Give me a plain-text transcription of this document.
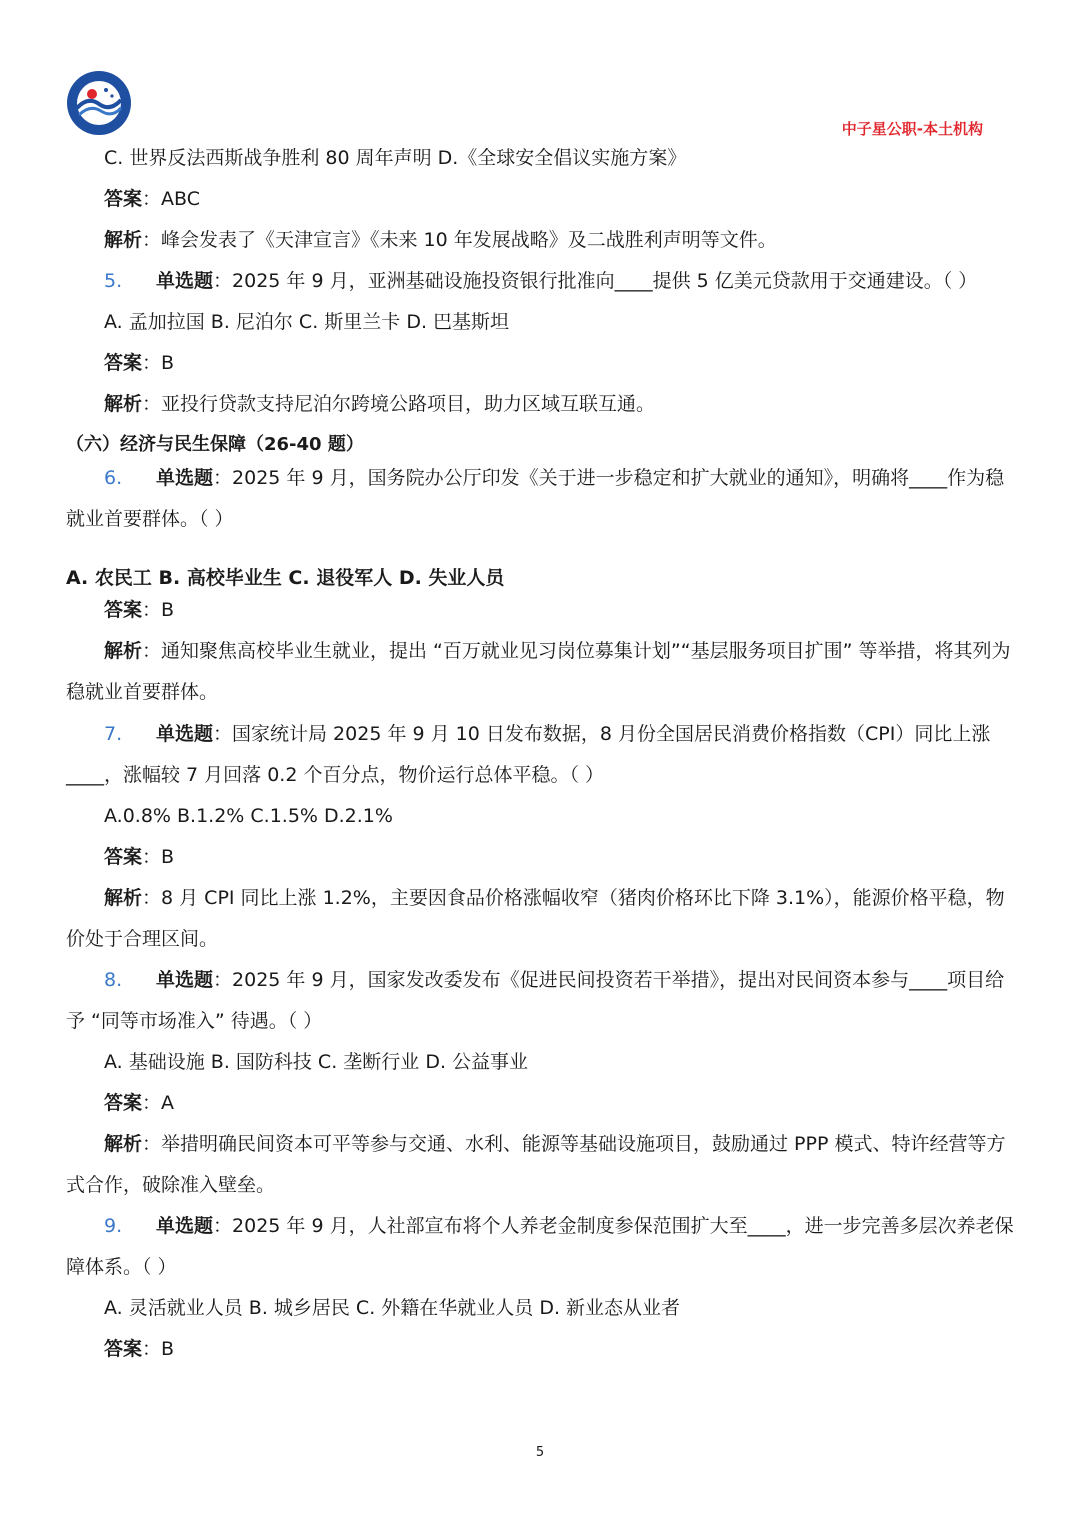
中子星公职-本土机构
C. 世界反法西斯战争胜利 80 周年声明 D.《全球安全倡议实施方案》
答案：ABC
解析：峰会发表了《天津宣言》《未来 10 年发展战略》及二战胜利声明等文件。
5. 单选题：2025 年 9 月，亚洲基础设施投资银行批准向____提供 5 亿美元贷款用于交通建设。（ ）
A. 孟加拉国 B. 尼泊尔 C. 斯里兰卡 D. 巴基斯坦
答案：B
解析：亚投行贷款支持尼泊尔跨境公路项目，助力区域互联互通。
（六）经济与民生保障（26-40 题）
6. 单选题：2025 年 9 月，国务院办公厅印发《关于进一步稳定和扩大就业的通知》，明确将____作为稳
就业首要群体。（ ）
A. 农民工 B. 高校毕业生 C. 退役军人 D. 失业人员
答案：B
解析：通知聚焦高校毕业生就业，提出 “百万就业见习岗位募集计划”“基层服务项目扩围” 等举措，将其列为
稳就业首要群体。
7. 单选题：国家统计局 2025 年 9 月 10 日发布数据，8 月份全国居民消费价格指数（CPI）同比上涨
____，涨幅较 7 月回落 0.2 个百分点，物价运行总体平稳。（ ）
A.0.8% B.1.2% C.1.5% D.2.1%
答案：B
解析：8 月 CPI 同比上涨 1.2%，主要因食品价格涨幅收窄（猪肉价格环比下降 3.1%），能源价格平稳，物
价处于合理区间。
8. 单选题：2025 年 9 月，国家发改委发布《促进民间投资若干举措》，提出对民间资本参与____项目给
予 “同等市场准入” 待遇。（ ）
A. 基础设施 B. 国防科技 C. 垄断行业 D. 公益事业
答案：A
解析：举措明确民间资本可平等参与交通、水利、能源等基础设施项目，鼓励通过 PPP 模式、特许经营等方
式合作，破除准入壁垒。
9. 单选题：2025 年 9 月，人社部宣布将个人养老金制度参保范围扩大至____，进一步完善多层次养老保
障体系。（ ）
A. 灵活就业人员 B. 城乡居民 C. 外籍在华就业人员 D. 新业态从业者
答案：B
5
